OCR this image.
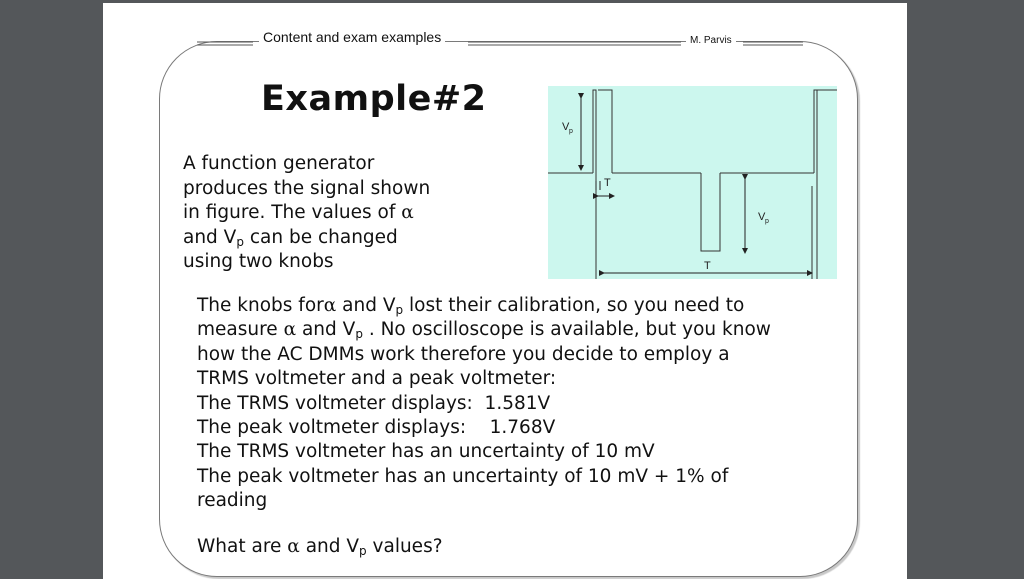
Content and exam examples	M. Parvis
Example#2
A function generator
produces the signal shown
in figure. The values of α
and $V_p$ can be changed
using two knobs
V p
T
V p
T

The knobs forα and $V_p$ lost their calibration, so you need to

measure α and $V_p$ . No oscilloscope is available, but you know

how the AC DMMs work therefore you decide to employ a

TRMS voltmeter and a peak voltmeter:

The TRMS voltmeter displays: 1.581V

The peak voltmeter displays: 1.768V

The TRMS voltmeter has an uncertainty of 10 mV

The peak voltmeter has an uncertainty of 10 mV + 1% of

reading

What are α and $V_p$ values?
